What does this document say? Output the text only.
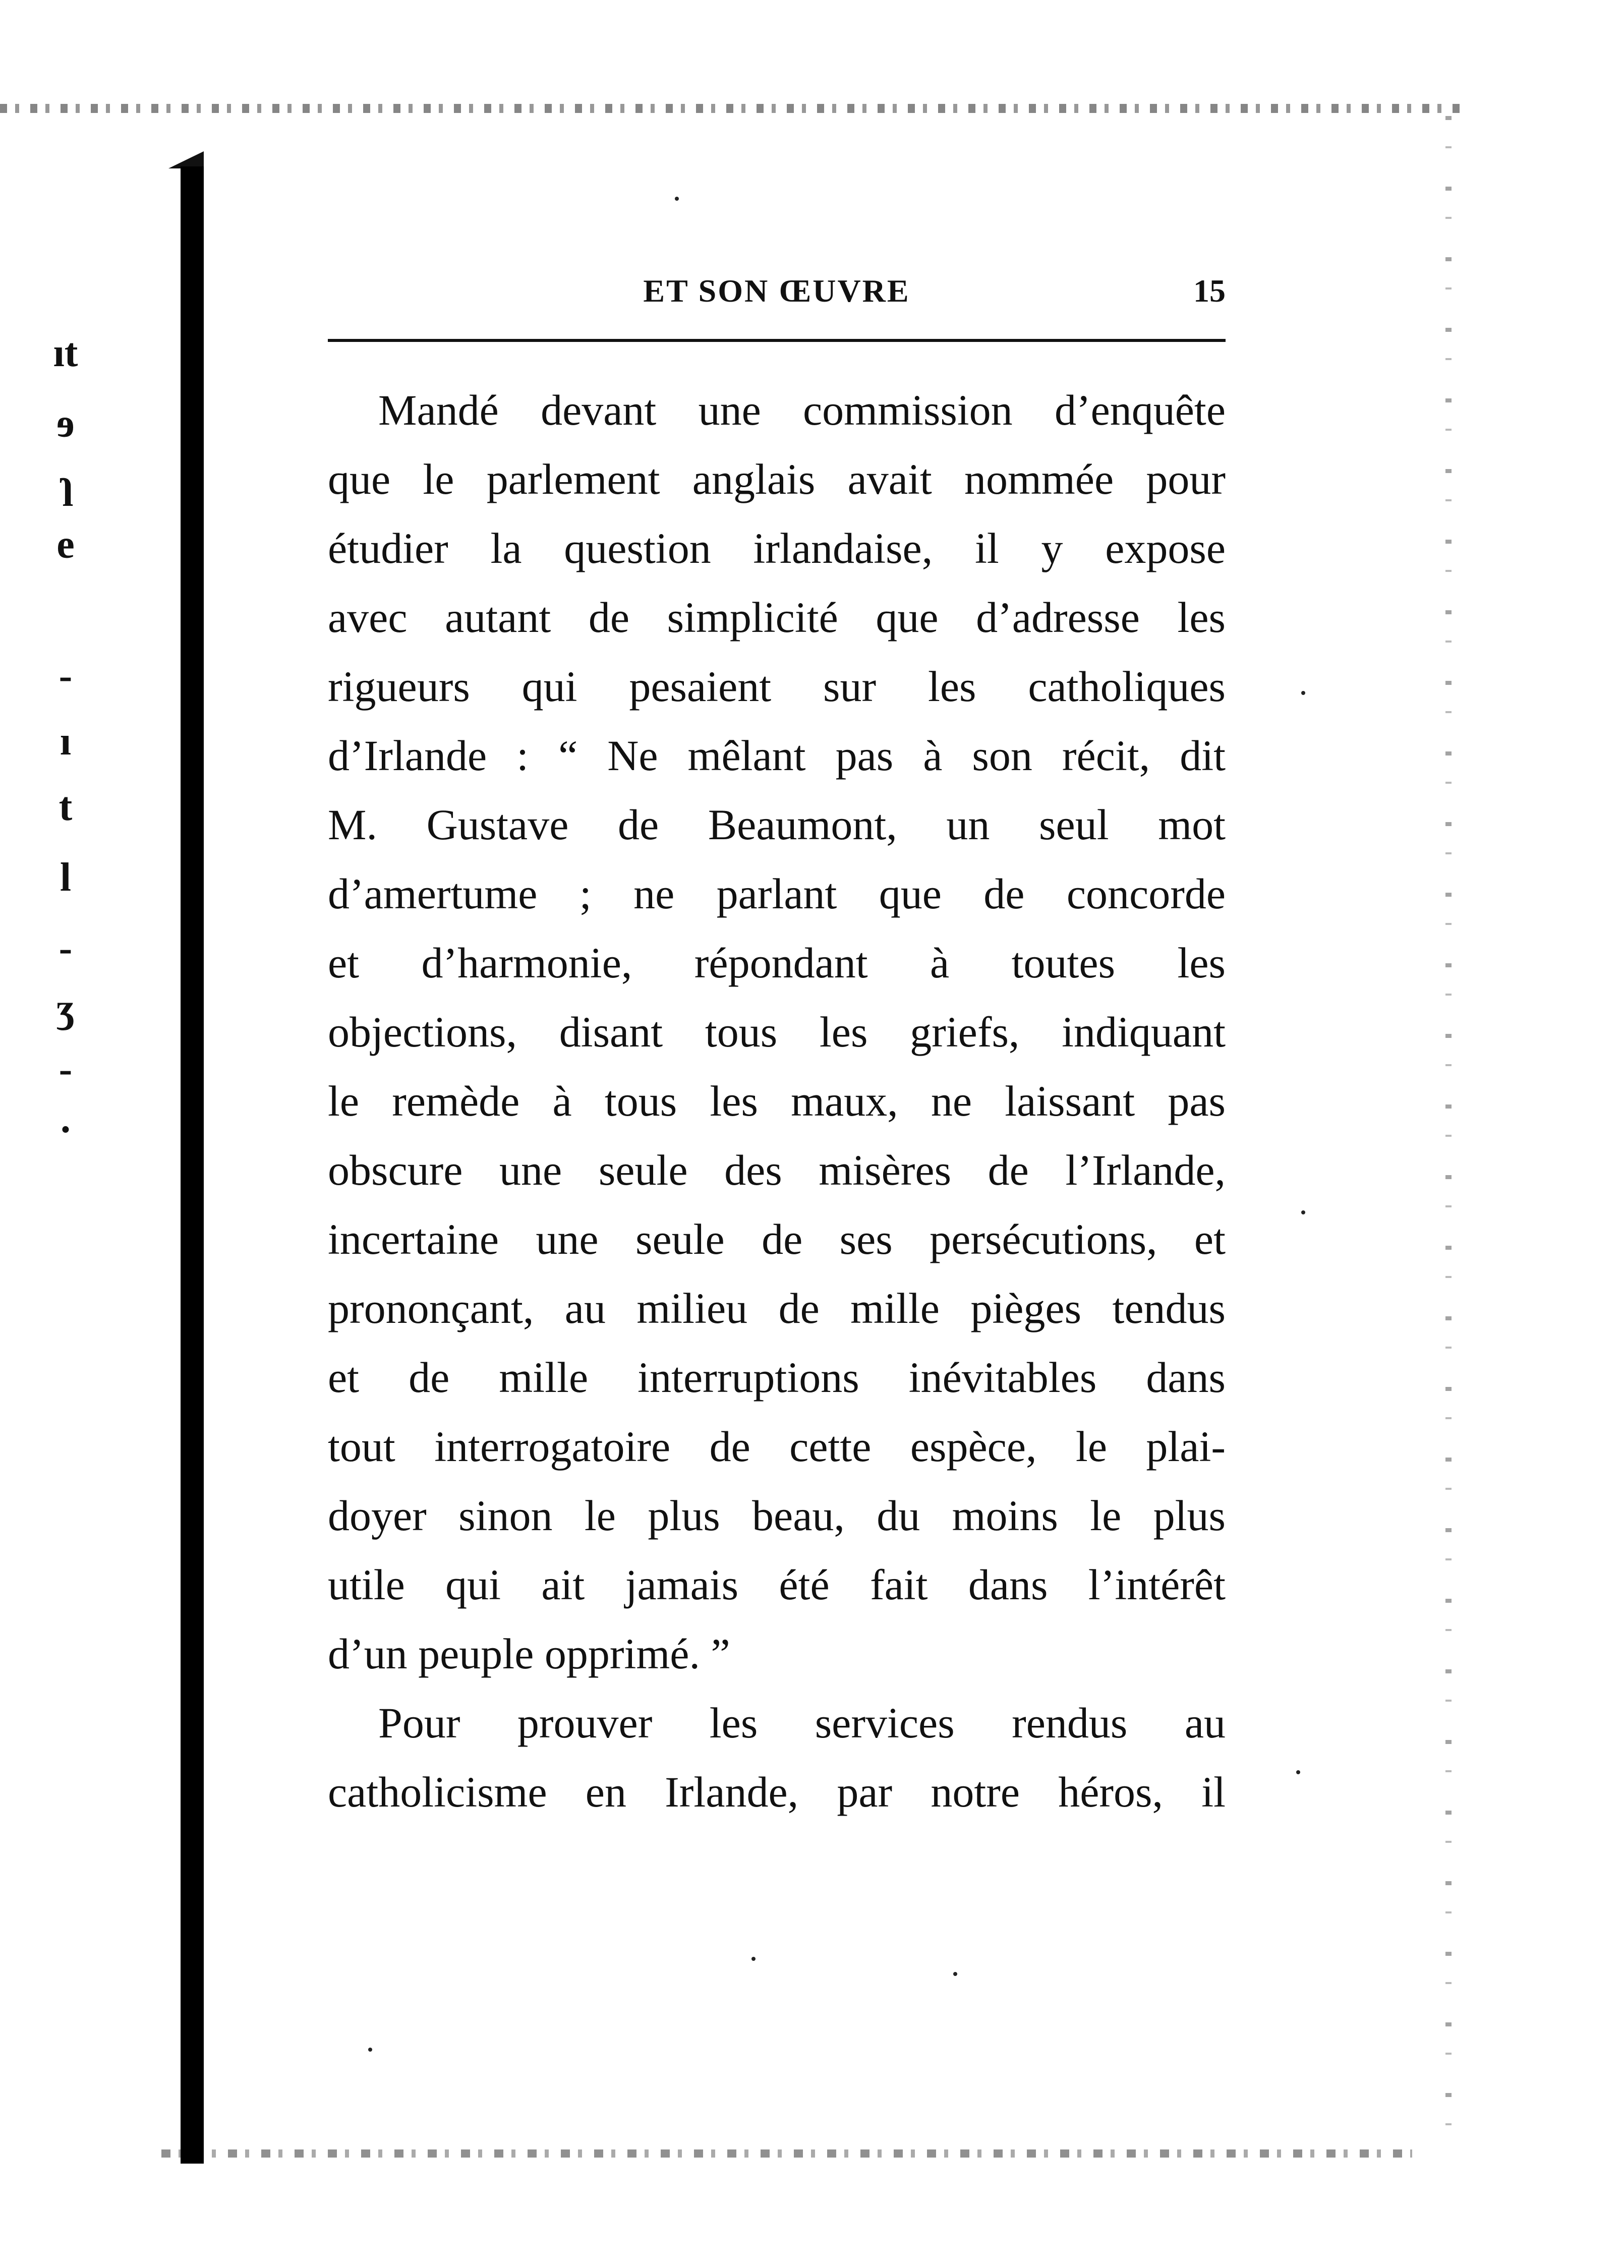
ıt
ɘ
ɿ
e
‐
ı
t
l
‐
ʒ
‐
·
ET SON ŒUVRE	15
Mandé devant une commission d’enquête
que le parlement anglais avait nommée pour
étudier la question irlandaise, il y expose
avec autant de simplicité que d’adresse les
rigueurs qui pesaient sur les catholiques
d’Irlande : “ Ne mêlant pas à son récit, dit
M. Gustave de Beaumont, un seul mot
d’amertume ; ne parlant que de concorde
et d’harmonie, répondant à toutes les
objections, disant tous les griefs, indiquant
le remède à tous les maux, ne laissant pas
obscure une seule des misères de l’Irlande,
incertaine une seule de ses persécutions, et
prononçant, au milieu de mille pièges tendus
et de mille interruptions inévitables dans
tout interrogatoire de cette espèce, le plai-
doyer sinon le plus beau, du moins le plus
utile qui ait jamais été fait dans l’intérêt
d’un peuple opprimé. ”
Pour prouver les services rendus au
catholicisme en Irlande, par notre héros, il
